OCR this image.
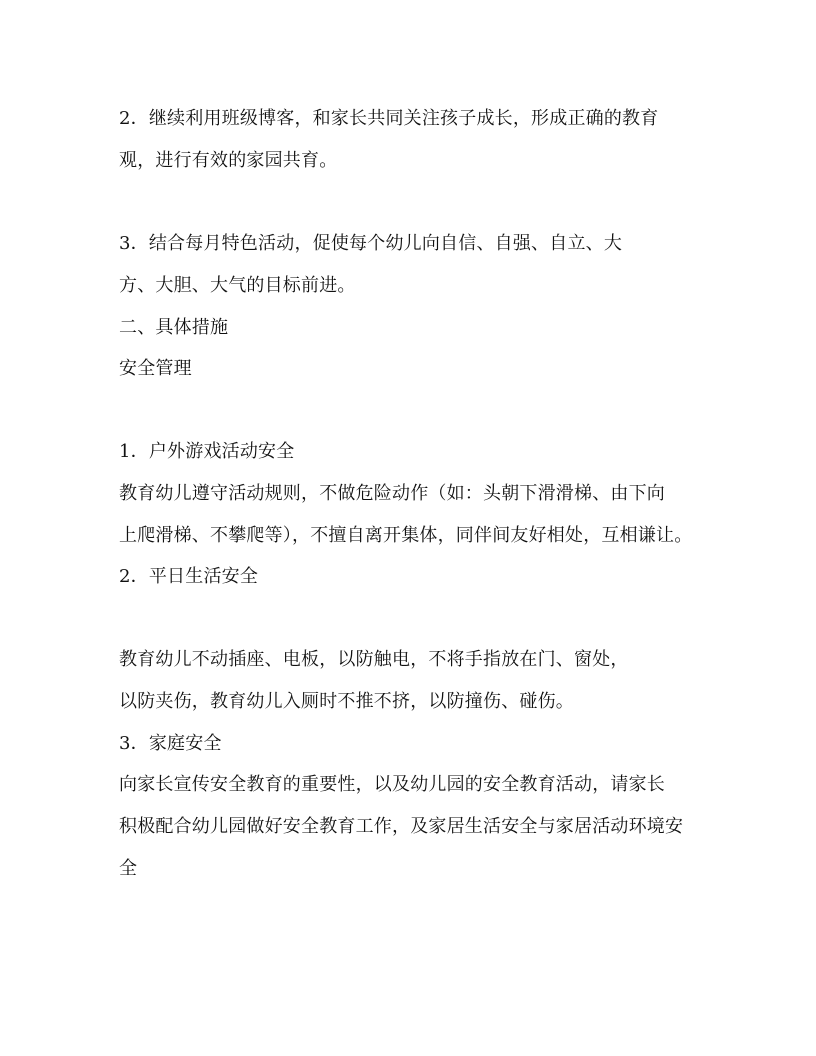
2．继续利用班级博客，和家长共同关注孩子成长，形成正确的教育
观，进行有效的家园共育。
3．结合每月特色活动，促使每个幼儿向自信、自强、自立、大
方、大胆、大气的目标前进。
二、具体措施
安全管理
1．户外游戏活动安全
教育幼儿遵守活动规则，不做危险动作（如：头朝下滑滑梯、由下向
上爬滑梯、不攀爬等），不擅自离开集体，同伴间友好相处，互相谦让。
2．平日生活安全
教育幼儿不动插座、电板，以防触电，不将手指放在门、窗处，
以防夹伤，教育幼儿入厕时不推不挤，以防撞伤、碰伤。
3．家庭安全
向家长宣传安全教育的重要性，以及幼儿园的安全教育活动，请家长
积极配合幼儿园做好安全教育工作，及家居生活安全与家居活动环境安
全
